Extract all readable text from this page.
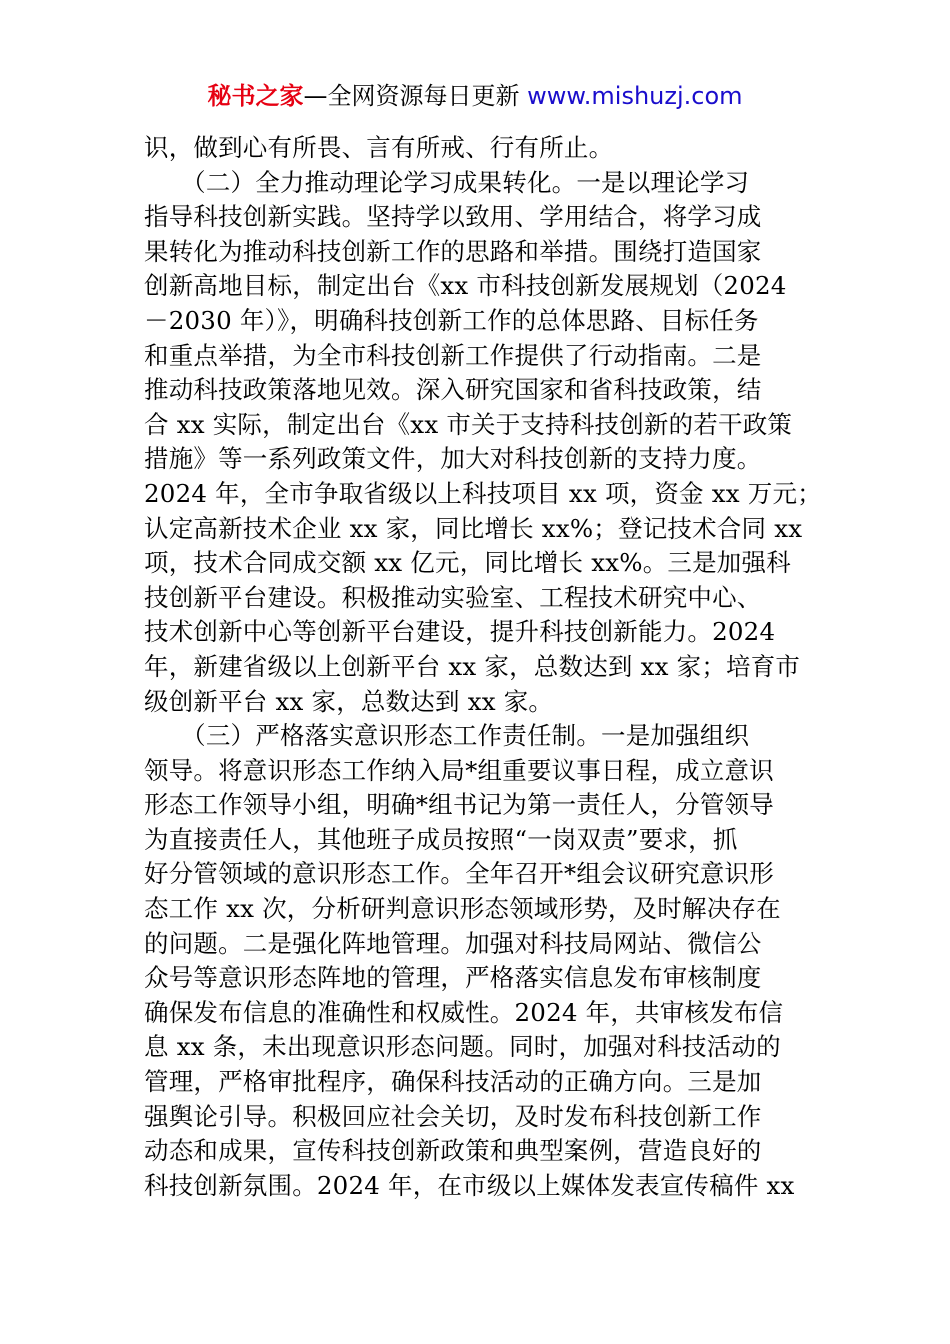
秘书之家—全网资源每日更新 www.mishuzj.com
识，做到心有所畏、言有所戒、行有所止。
　　（二）全力推动理论学习成果转化。一是以理论学习
指导科技创新实践。坚持学以致用、学用结合，将学习成
果转化为推动科技创新工作的思路和举措。围绕打造国家
创新高地目标，制定出台《xx 市科技创新发展规划（2024
－2030 年）》，明确科技创新工作的总体思路、目标任务
和重点举措，为全市科技创新工作提供了行动指南。二是
推动科技政策落地见效。深入研究国家和省科技政策，结
合 xx 实际，制定出台《xx 市关于支持科技创新的若干政策
措施》等一系列政策文件，加大对科技创新的支持力度。
2024 年，全市争取省级以上科技项目 xx 项，资金 xx 万元；
认定高新技术企业 xx 家，同比增长 xx%；登记技术合同 xx
项，技术合同成交额 xx 亿元，同比增长 xx%。三是加强科
技创新平台建设。积极推动实验室、工程技术研究中心、
技术创新中心等创新平台建设，提升科技创新能力。2024
年，新建省级以上创新平台 xx 家，总数达到 xx 家；培育市
级创新平台 xx 家，总数达到 xx 家。
　　（三）严格落实意识形态工作责任制。一是加强组织
领导。将意识形态工作纳入局*组重要议事日程，成立意识
形态工作领导小组，明确*组书记为第一责任人，分管领导
为直接责任人，其他班子成员按照“一岗双责”要求，抓
好分管领域的意识形态工作。全年召开*组会议研究意识形
态工作 xx 次，分析研判意识形态领域形势，及时解决存在
的问题。二是强化阵地管理。加强对科技局网站、微信公
众号等意识形态阵地的管理，严格落实信息发布审核制度
确保发布信息的准确性和权威性。2024 年，共审核发布信
息 xx 条，未出现意识形态问题。同时，加强对科技活动的
管理，严格审批程序，确保科技活动的正确方向。三是加
强舆论引导。积极回应社会关切，及时发布科技创新工作
动态和成果，宣传科技创新政策和典型案例，营造良好的
科技创新氛围。2024 年，在市级以上媒体发表宣传稿件 xx
